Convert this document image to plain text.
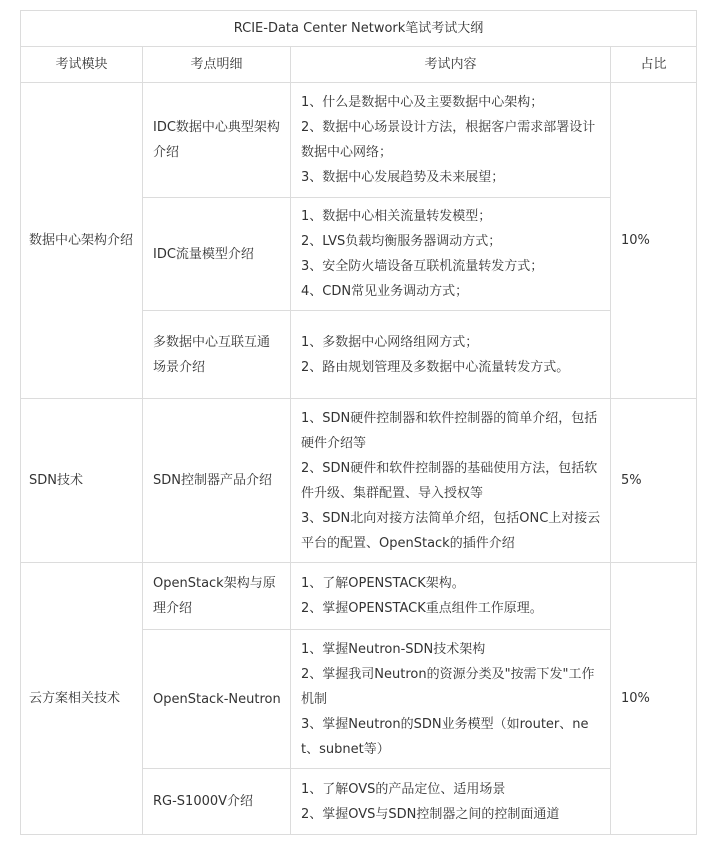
RCIE-Data Center Network笔试考试大纲			
考试模块	考点明细	考试内容	占比
数据中心架构介绍	IDC数据中心典型架构介绍	1、什么是数据中心及主要数据中心架构；
2、数据中心场景设计方法，根据客户需求部署设计数据中心网络；
3、数据中心发展趋势及未来展望；	10%
	IDC流量模型介绍	1、数据中心相关流量转发模型；
2、LVS负载均衡服务器调动方式；
3、安全防火墙设备互联机流量转发方式；
4、CDN常见业务调动方式；	

	多数据中心互联互通场景介绍	1、多数据中心网络组网方式；
2、路由规划管理及多数据中心流量转发方式。	

SDN技术	SDN控制器产品介绍	1、SDN硬件控制器和软件控制器的简单介绍，包括硬件介绍等
2、SDN硬件和软件控制器的基础使用方法，包括软件升级、集群配置、导入授权等
3、SDN北向对接方法简单介绍，包括ONC上对接云平台的配置、OpenStack的插件介绍	5%
云方案相关技术	OpenStack架构与原理介绍	1、了解OPENSTACK架构。
2、掌握OPENSTACK重点组件工作原理。	10%
	OpenStack-Neutron	1、掌握Neutron-SDN技术架构
2、掌握我司Neutron的资源分类及"按需下发"工作机制
3、掌握Neutron的SDN业务模型（如router、net、subnet等）	

	RG-S1000V介绍	1、了解OVS的产品定位、适用场景
2、掌握OVS与SDN控制器之间的控制面通道	
